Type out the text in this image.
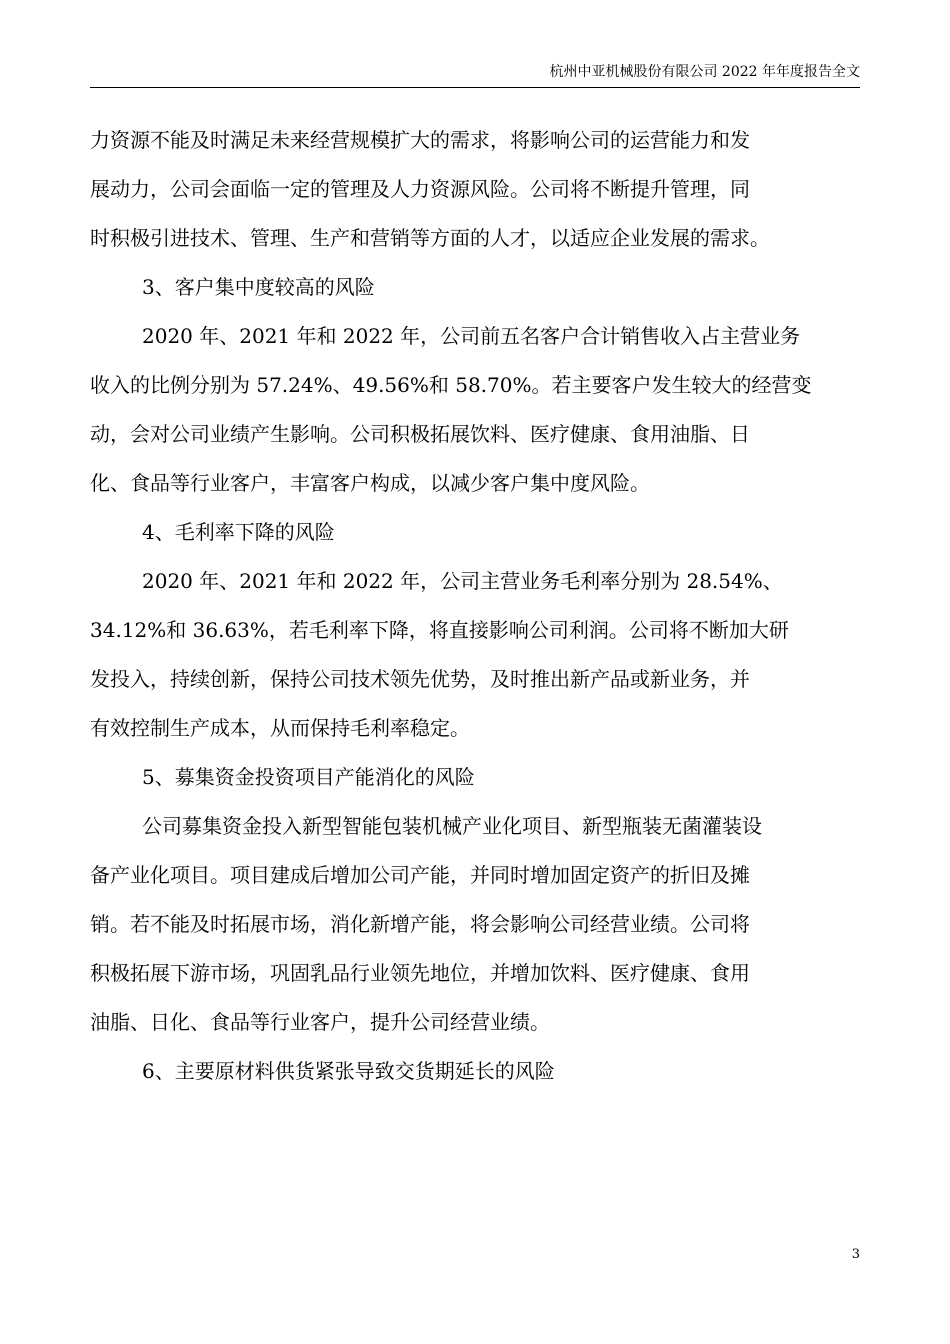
杭州中亚机械股份有限公司 2022 年年度报告全文
力资源不能及时满足未来经营规模扩大的需求，将影响公司的运营能力和发
展动力，公司会面临一定的管理及人力资源风险。公司将不断提升管理，同
时积极引进技术、管理、生产和营销等方面的人才，以适应企业发展的需求。
3、客户集中度较高的风险
2020 年、2021 年和 2022 年，公司前五名客户合计销售收入占主营业务
收入的比例分别为 57.24%、49.56%和 58.70%。若主要客户发生较大的经营变
动，会对公司业绩产生影响。公司积极拓展饮料、医疗健康、食用油脂、日
化、食品等行业客户，丰富客户构成，以减少客户集中度风险。
4、毛利率下降的风险
2020 年、2021 年和 2022 年，公司主营业务毛利率分别为 28.54%、
34.12%和 36.63%，若毛利率下降，将直接影响公司利润。公司将不断加大研
发投入，持续创新，保持公司技术领先优势，及时推出新产品或新业务，并
有效控制生产成本，从而保持毛利率稳定。
5、募集资金投资项目产能消化的风险
公司募集资金投入新型智能包装机械产业化项目、新型瓶装无菌灌装设
备产业化项目。项目建成后增加公司产能，并同时增加固定资产的折旧及摊
销。若不能及时拓展市场，消化新增产能，将会影响公司经营业绩。公司将
积极拓展下游市场，巩固乳品行业领先地位，并增加饮料、医疗健康、食用
油脂、日化、食品等行业客户，提升公司经营业绩。
6、主要原材料供货紧张导致交货期延长的风险
3
